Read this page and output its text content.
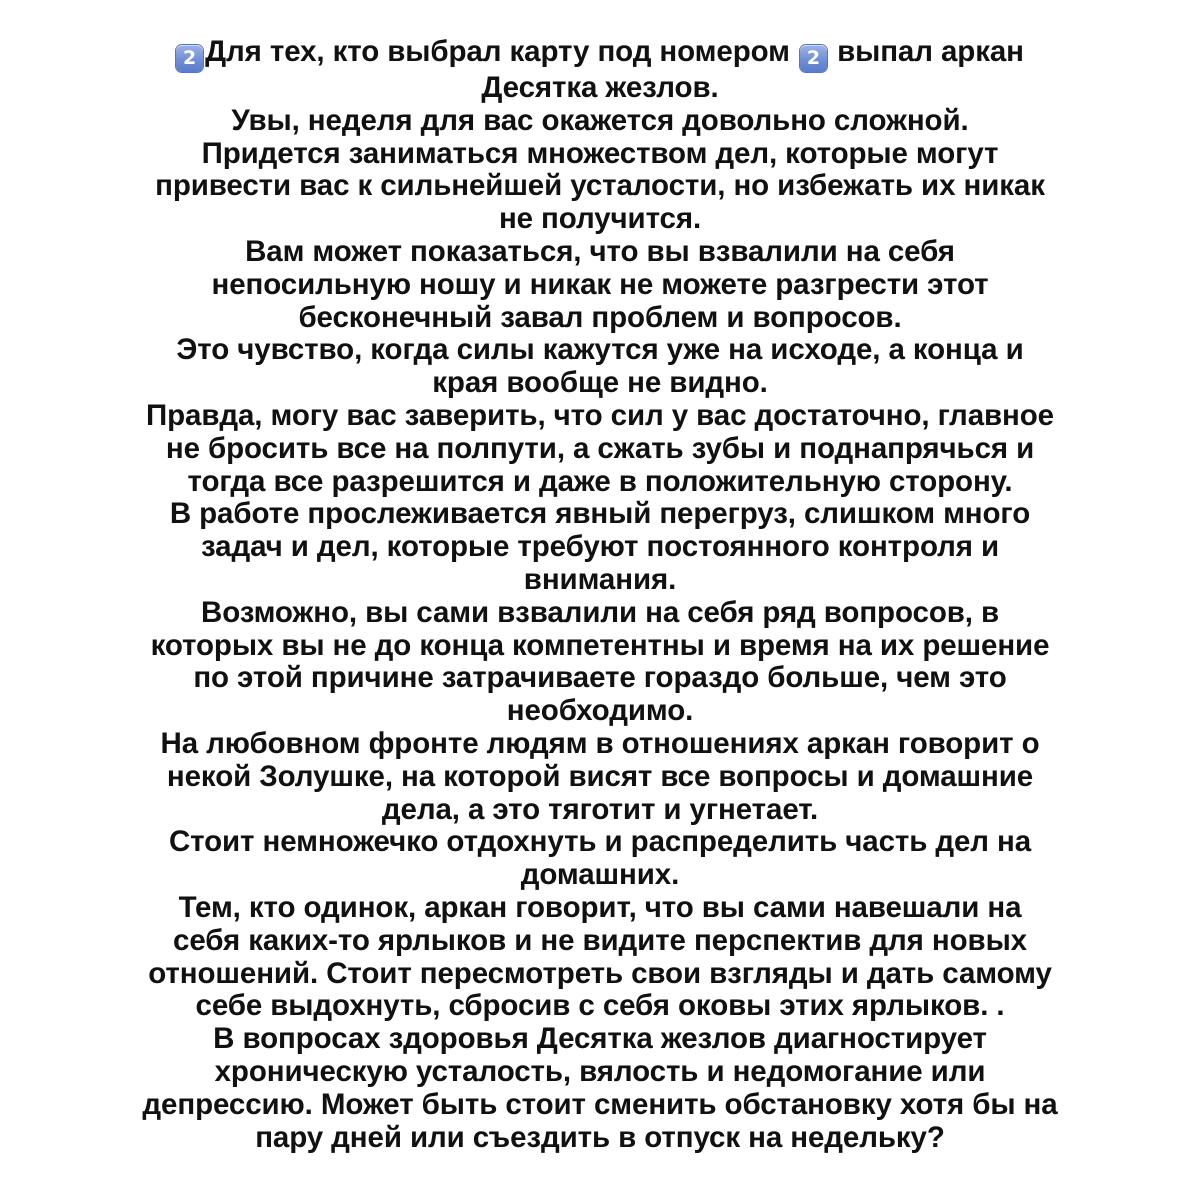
2 Для тех, кто выбрал карту под номером 2 выпал аркан
Десятка жезлов.
Увы, неделя для вас окажется довольно сложной.
Придется заниматься множеством дел, которые могут
привести вас к сильнейшей усталости, но избежать их никак
не получится.
Вам может показаться, что вы взвалили на себя
непосильную ношу и никак не можете разгрести этот
бесконечный завал проблем и вопросов.
Это чувство, когда силы кажутся уже на исходе, а конца и
края вообще не видно.
Правда, могу вас заверить, что сил у вас достаточно, главное
не бросить все на полпути, а сжать зубы и поднапрячься и
тогда все разрешится и даже в положительную сторону.
В работе прослеживается явный перегруз, слишком много
задач и дел, которые требуют постоянного контроля и
внимания.
Возможно, вы сами взвалили на себя ряд вопросов, в
которых вы не до конца компетентны и время на их решение
по этой причине затрачиваете гораздо больше, чем это
необходимо.
На любовном фронте людям в отношениях аркан говорит о
некой Золушке, на которой висят все вопросы и домашние
дела, а это тяготит и угнетает.
Стоит немножечко отдохнуть и распределить часть дел на
домашних.
Тем, кто одинок, аркан говорит, что вы сами навешали на
себя каких-то ярлыков и не видите перспектив для новых
отношений. Стоит пересмотреть свои взгляды и дать самому
себе выдохнуть, сбросив с себя оковы этих ярлыков. .
В вопросах здоровья Десятка жезлов диагностирует
хроническую усталость, вялость и недомогание или
депрессию. Может быть стоит сменить обстановку хотя бы на
пару дней или съездить в отпуск на недельку?
